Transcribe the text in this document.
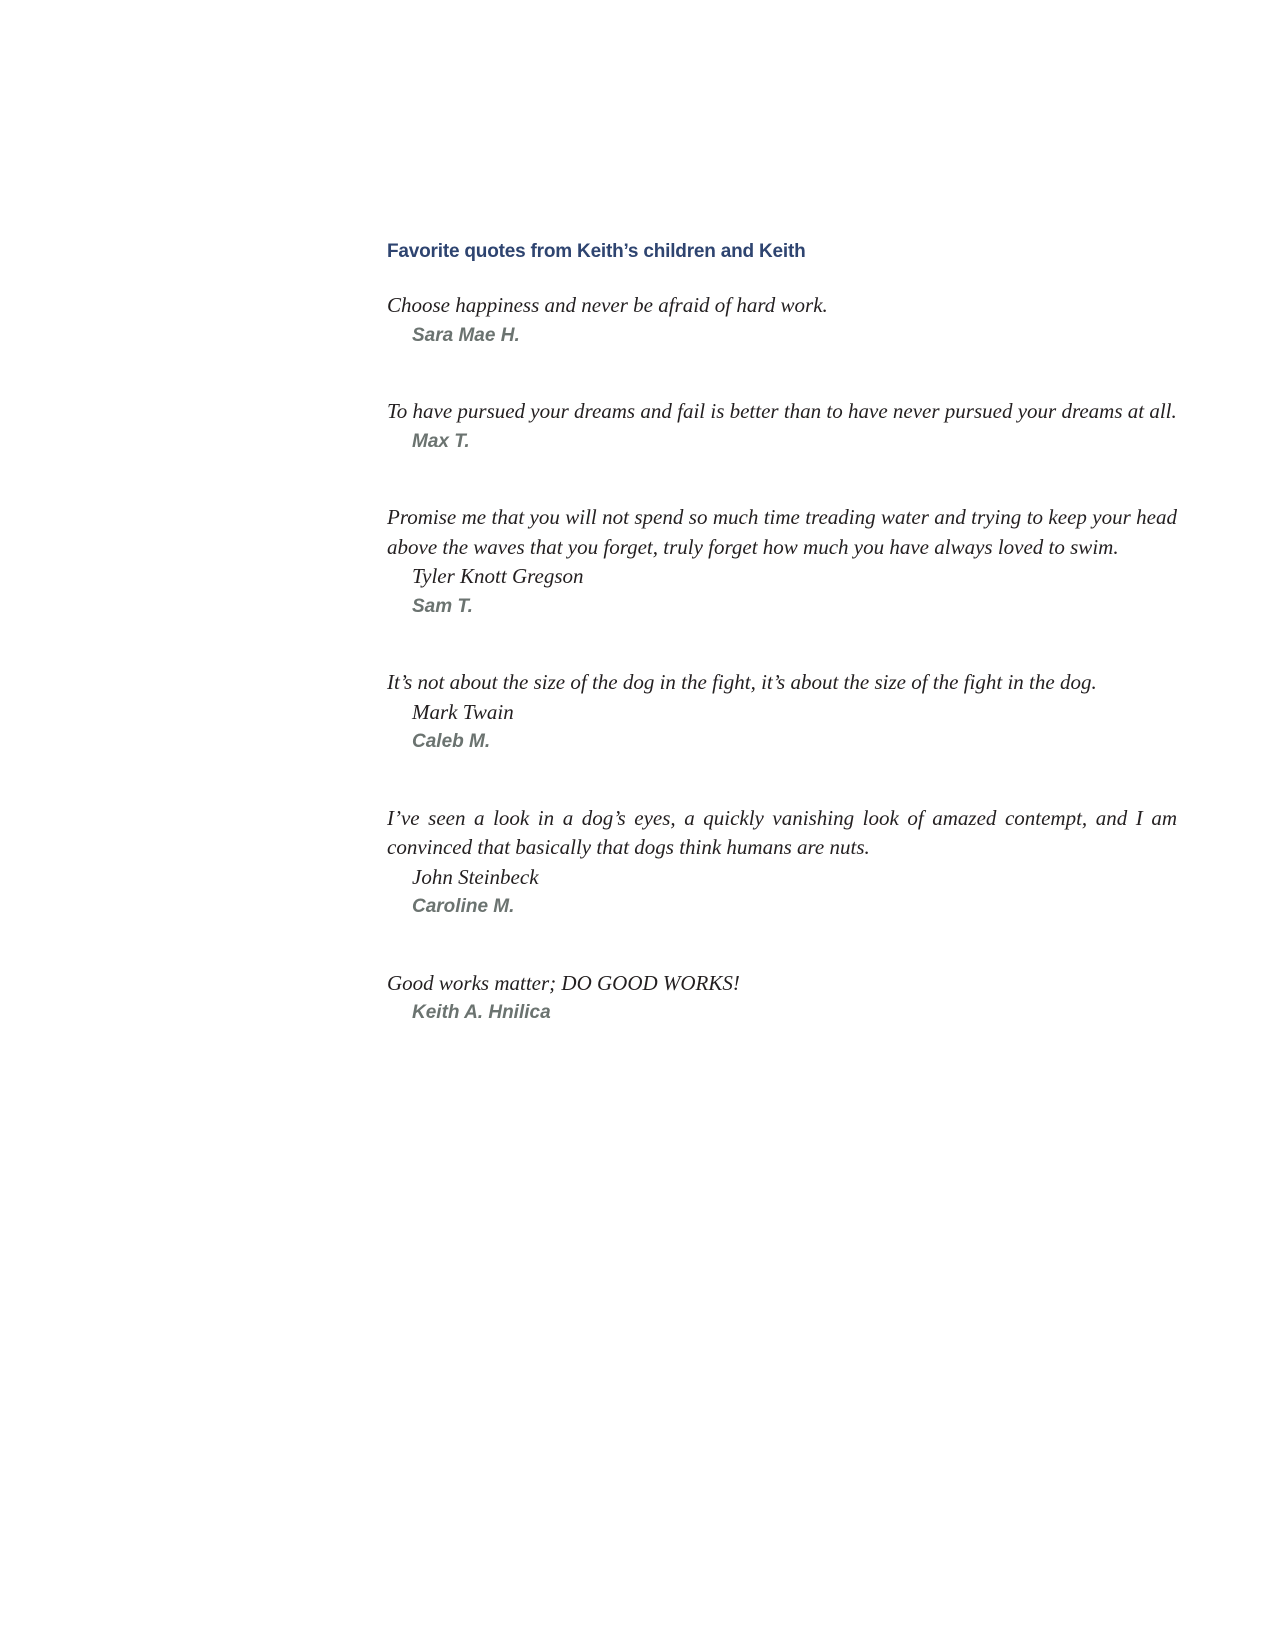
Favorite quotes from Keith’s children and Keith

Choose happiness and never be afraid of hard work.

Sara Mae H.

To have pursued your dreams and fail is better than to have never pursued your dreams at all.

Max T.

Promise me that you will not spend so much time treading water and trying to keep your head above the waves that you forget, truly forget how much you have always loved to swim.

Tyler Knott Gregson

Sam T.

It’s not about the size of the dog in the fight, it’s about the size of the fight in the dog.

Mark Twain

Caleb M.

I’ve seen a look in a dog’s eyes, a quickly vanishing look of amazed contempt, and I am convinced that basically that dogs think humans are nuts.

John Steinbeck

Caroline M.

Good works matter; DO GOOD WORKS!

Keith A. Hnilica
